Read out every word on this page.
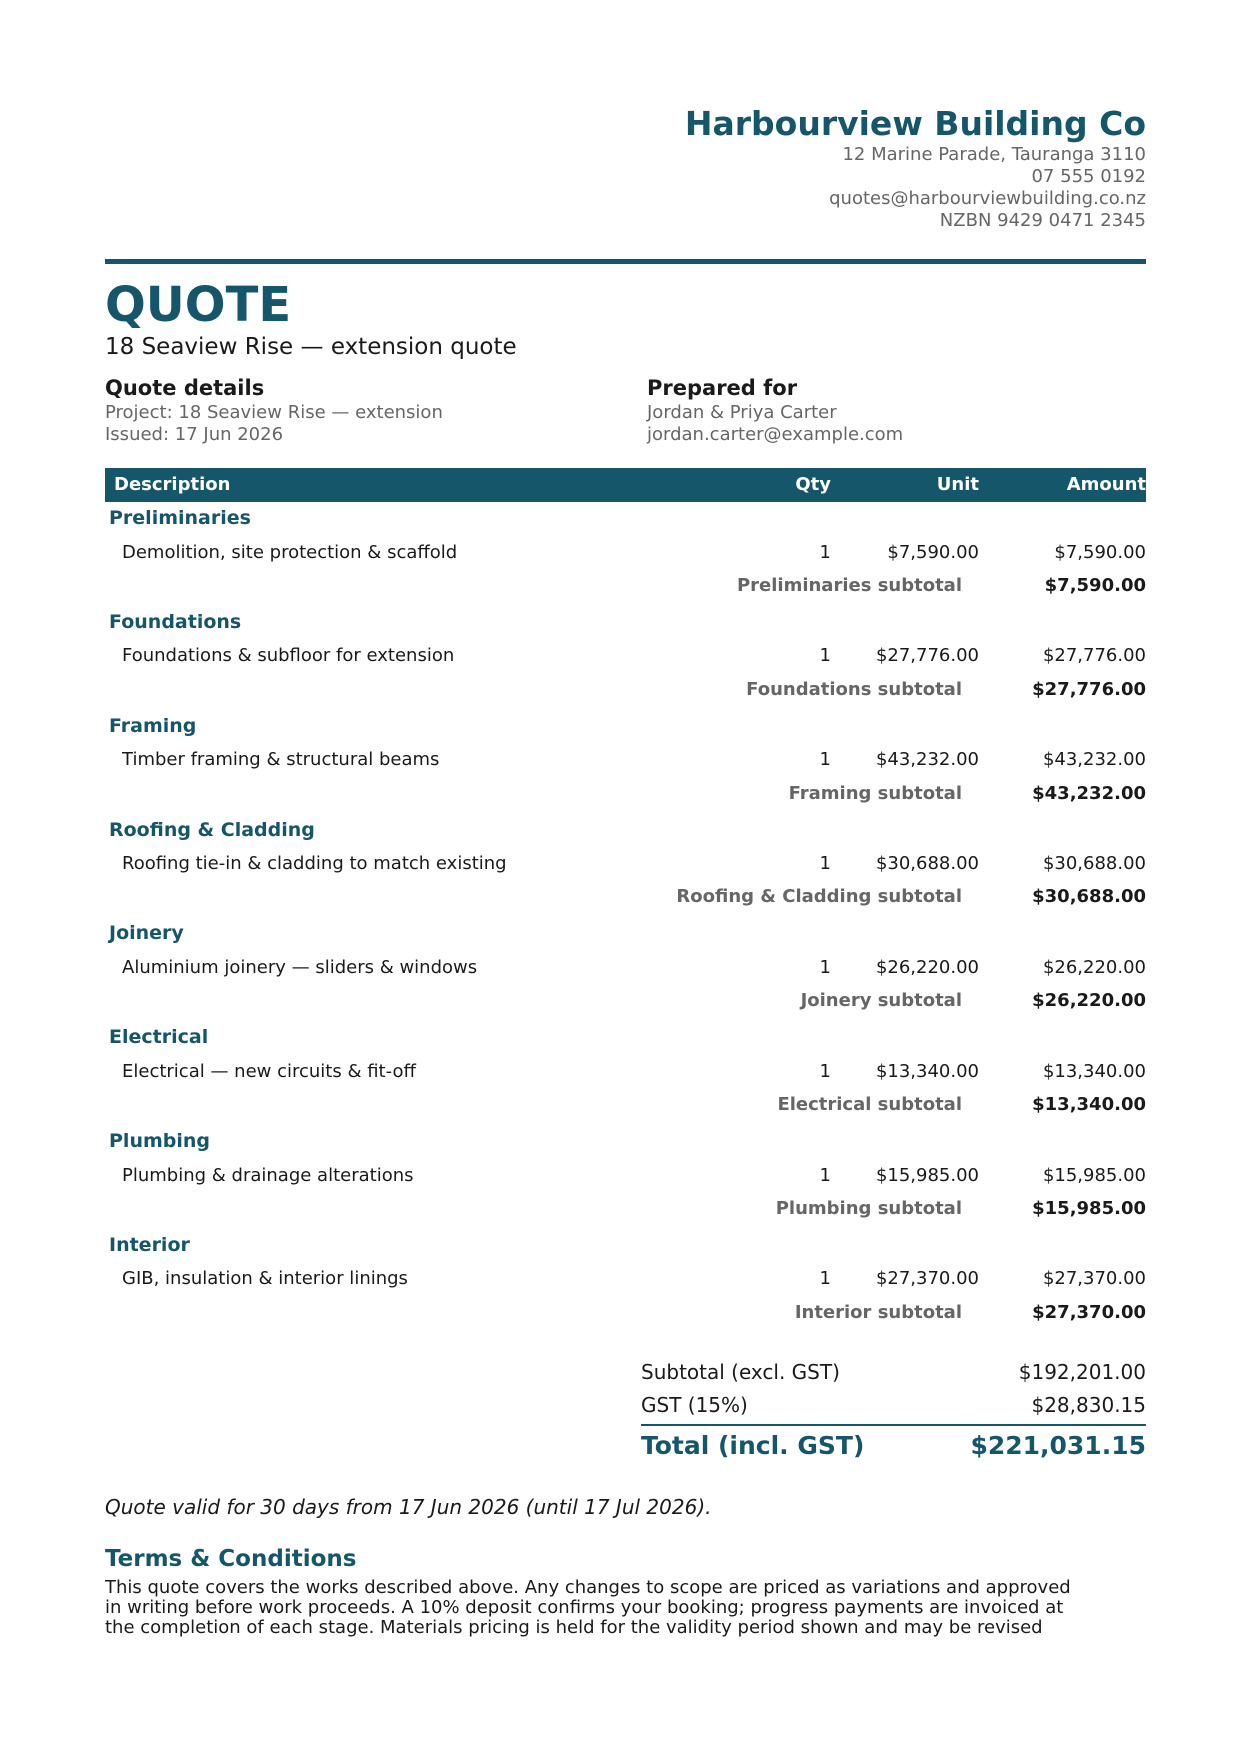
Harbourview Building Co
12 Marine Parade, Tauranga 3110
07 555 0192
quotes@harbourviewbuilding.co.nz
NZBN 9429 0471 2345
QUOTE
18 Seaview Rise — extension quote
Quote details
Project: 18 Seaview Rise — extension
Issued: 17 Jun 2026
Prepared for
Jordan & Priya Carter
jordan.carter@example.com
Description	Qty	Unit	Amount
Preliminaries
Demolition, site protection & scaffold	1	$7,590.00	$7,590.00
Preliminaries subtotal	$7,590.00
Foundations
Foundations & subfloor for extension	1 $27,776.00	$27,776.00
Foundations subtotal	$27,776.00
Framing
Timber framing & structural beams	1 $43,232.00	$43,232.00
Framing subtotal	$43,232.00
Roofing & Cladding
Roofing tie-in & cladding to match existing	1 $30,688.00	$30,688.00
Roofing & Cladding subtotal	$30,688.00
Joinery
Aluminium joinery — sliders & windows	1 $26,220.00	$26,220.00
Joinery subtotal	$26,220.00
Electrical
Electrical — new circuits & fit-off	1 $13,340.00	$13,340.00
Electrical subtotal	$13,340.00
Plumbing
Plumbing & drainage alterations	1 $15,985.00	$15,985.00
Plumbing subtotal	$15,985.00
Interior
GIB, insulation & interior linings	1 $27,370.00	$27,370.00
Interior subtotal	$27,370.00
Subtotal (excl. GST)	$192,201.00
GST (15%)	$28,830.15
Total (incl. GST)	$221,031.15
Quote valid for 30 days from 17 Jun 2026 (until 17 Jul 2026).
Terms & Conditions
This quote covers the works described above. Any changes to scope are priced as variations and approved
in writing before work proceeds. A 10% deposit confirms your booking; progress payments are invoiced at
the completion of each stage. Materials pricing is held for the validity period shown and may be revised
